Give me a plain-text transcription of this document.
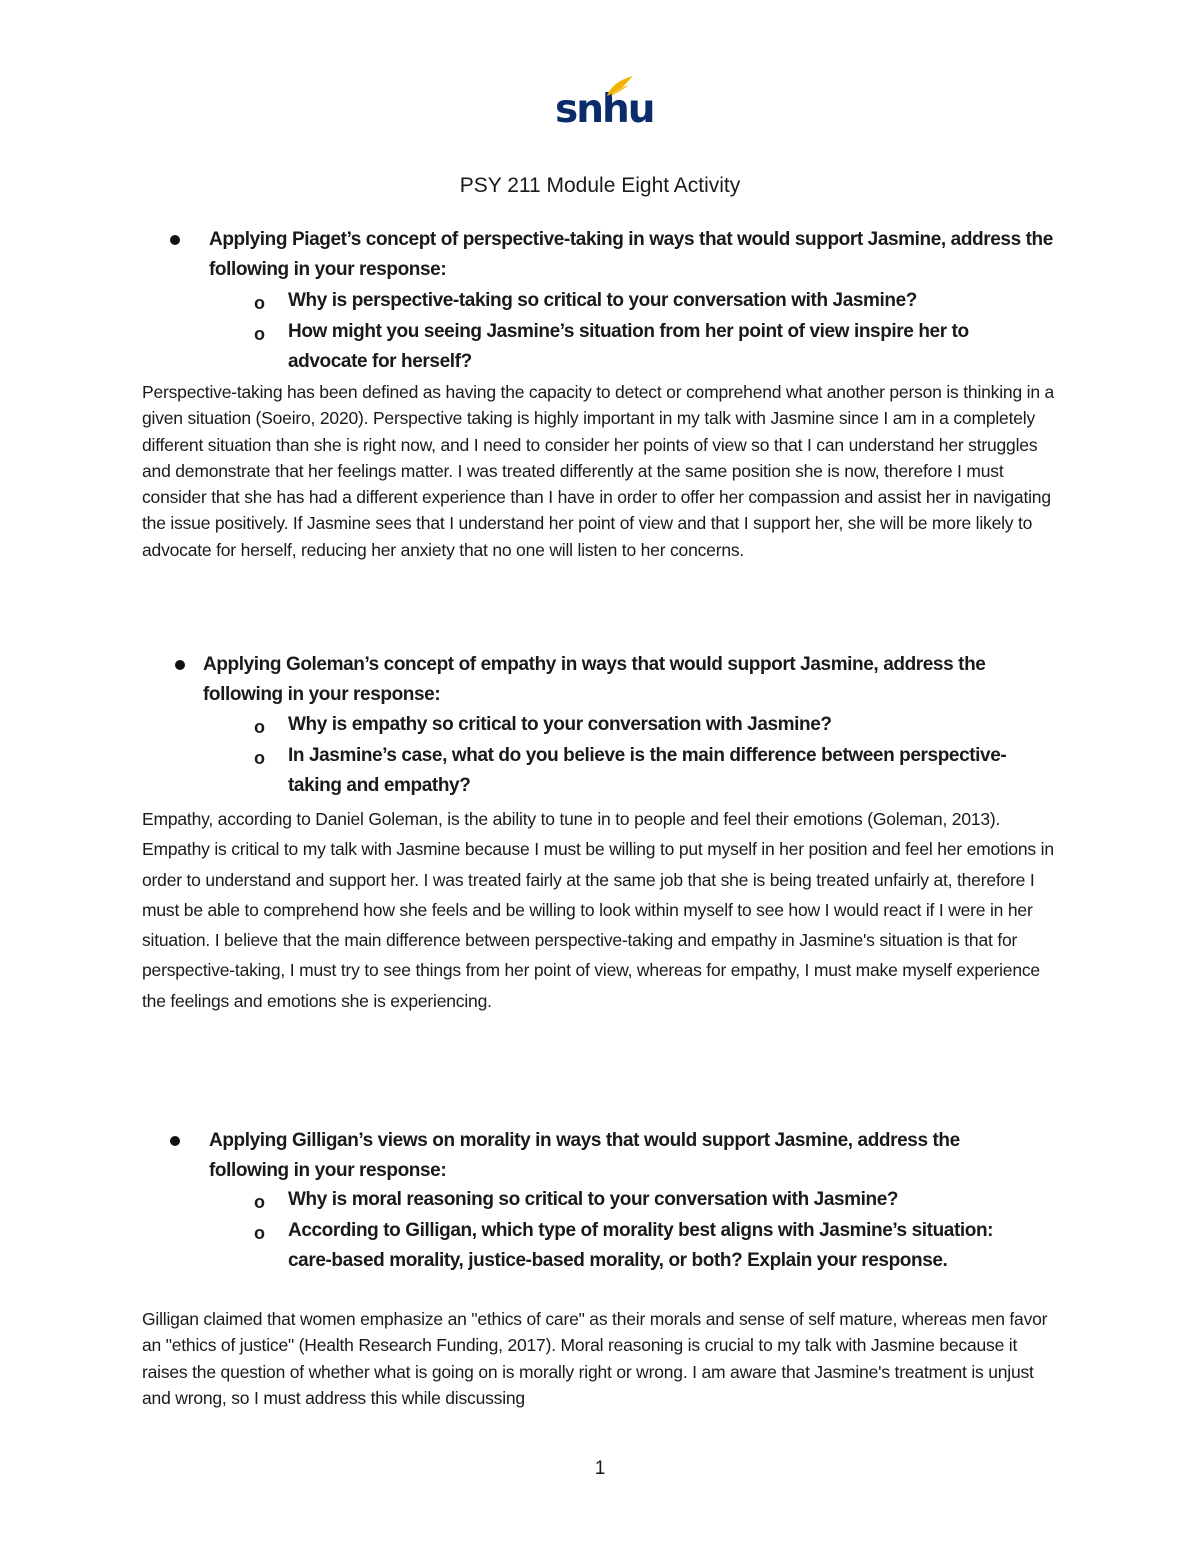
snhu
PSY 211 Module Eight Activity
Applying Piaget’s concept of perspective-taking in ways that would support Jasmine, address the following in your response:
o Why is perspective-taking so critical to your conversation with Jasmine?
o How might you seeing Jasmine’s situation from her point of view inspire her to advocate for herself?
Perspective-taking has been defined as having the capacity to detect or comprehend what another person is thinking in a given situation (Soeiro, 2020). Perspective taking is highly important in my talk with Jasmine since I am in a completely different situation than she is right now, and I need to consider her points of view so that I can understand her struggles and demonstrate that her feelings matter. I was treated differently at the same position she is now, therefore I must consider that she has had a different experience than I have in order to offer her compassion and assist her in navigating the issue positively. If Jasmine sees that I understand her point of view and that I support her, she will be more likely to advocate for herself, reducing her anxiety that no one will listen to her concerns.
Applying Goleman’s concept of empathy in ways that would support Jasmine, address the following in your response:
o Why is empathy so critical to your conversation with Jasmine?
o In Jasmine’s case, what do you believe is the main difference between perspective-taking and empathy?
Empathy, according to Daniel Goleman, is the ability to tune in to people and feel their emotions (Goleman, 2013). Empathy is critical to my talk with Jasmine because I must be willing to put myself in her position and feel her emotions in order to understand and support her. I was treated fairly at the same job that she is being treated unfairly at, therefore I must be able to comprehend how she feels and be willing to look within myself to see how I would react if I were in her situation. I believe that the main difference between perspective-taking and empathy in Jasmine's situation is that for perspective-taking, I must try to see things from her point of view, whereas for empathy, I must make myself experience the feelings and emotions she is experiencing.
Applying Gilligan’s views on morality in ways that would support Jasmine, address the following in your response:
o Why is moral reasoning so critical to your conversation with Jasmine?
o According to Gilligan, which type of morality best aligns with Jasmine’s situation: care-based morality, justice-based morality, or both? Explain your response.
Gilligan claimed that women emphasize an "ethics of care" as their morals and sense of self mature, whereas men favor an "ethics of justice" (Health Research Funding, 2017). Moral reasoning is crucial to my talk with Jasmine because it raises the question of whether what is going on is morally right or wrong. I am aware that Jasmine's treatment is unjust and wrong, so I must address this while discussing
1
